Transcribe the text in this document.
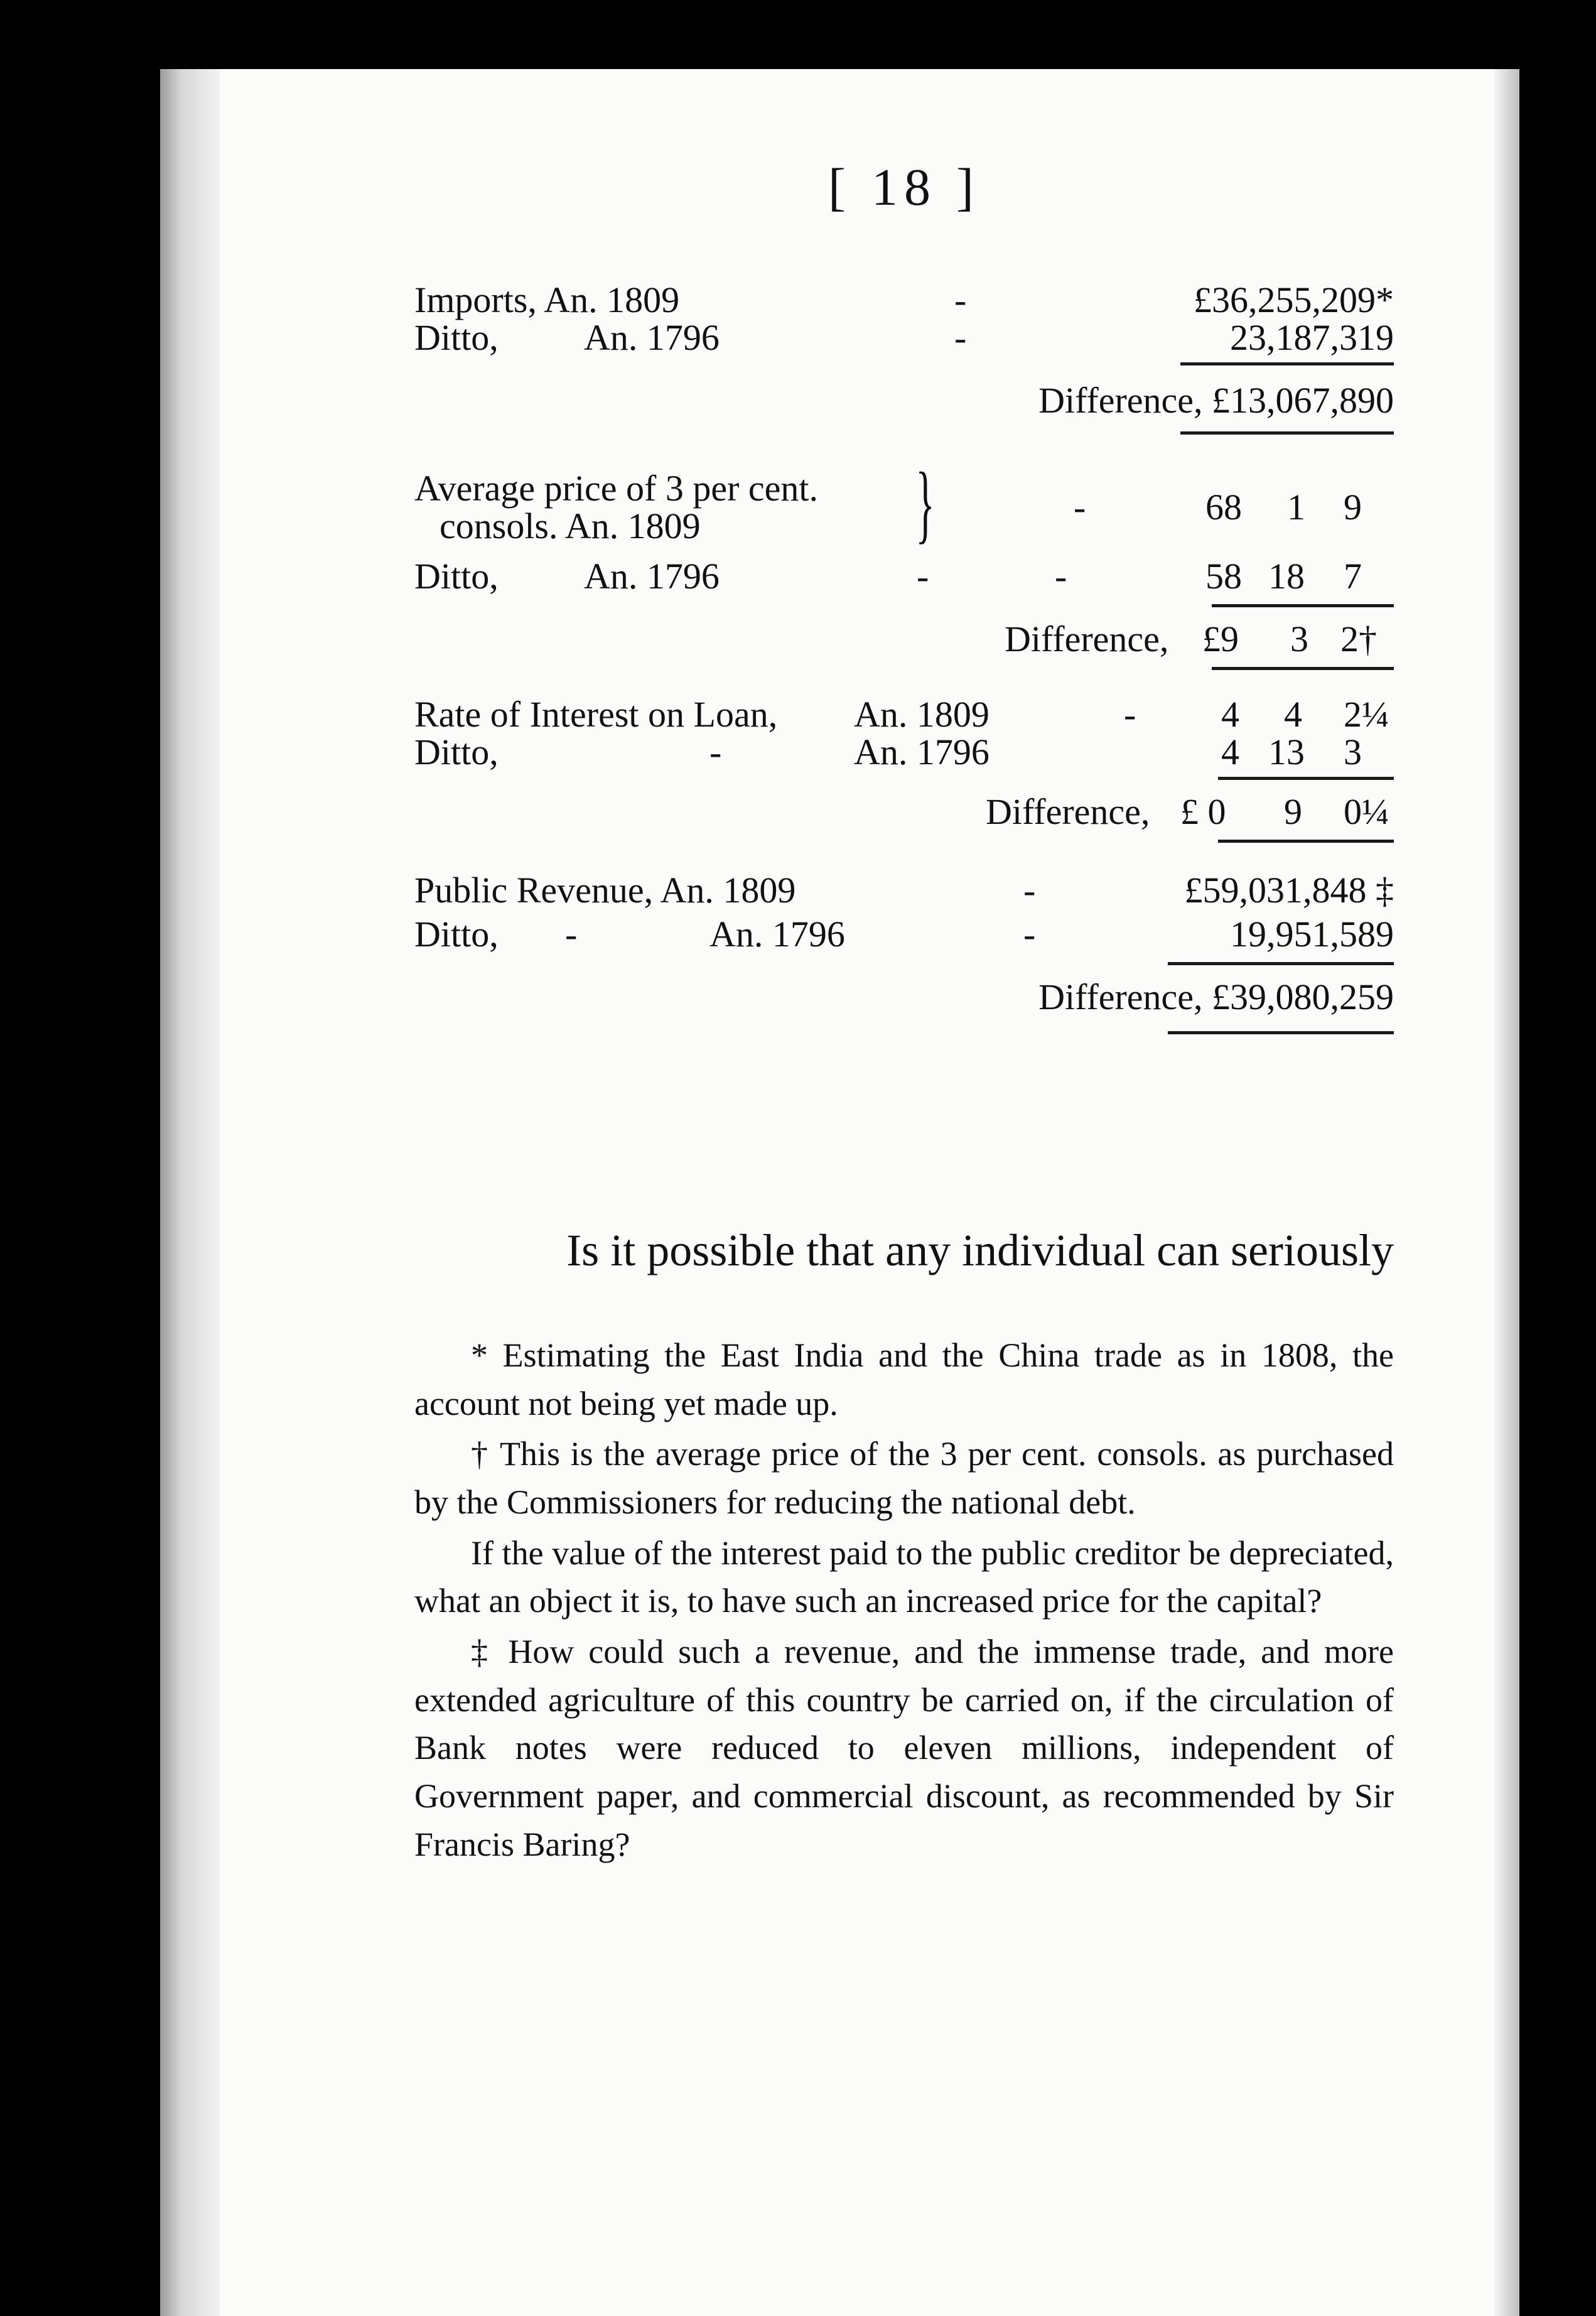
[ 18 ]
Imports, An. 1809	-	£36,255,209*
Ditto, An. 1796	-	23,187,319
Difference, £13,067,890
Average price of 3 per cent. }
consols. An. 1809	-	68 1 9
Ditto, An. 1796	-	-	58 18 7
Difference, £9 3 2†
Rate of Interest on Loan, An. 1809	- 4 4 2¼
Ditto,	-	An. 1796	4 13 3
Difference, £ 0 9 0¼
Public Revenue, An. 1809	-	£59,031,848 ‡
Ditto, -	An. 1796	-	19,951,589
Difference, £39,080,259
Is it possible that any individual can seriously

* Estimating the East India and the China trade as in 1808, the account not being yet made up.

† This is the average price of the 3 per cent. consols. as purchased by the Commissioners for reducing the national debt.

If the value of the interest paid to the public creditor be depreciated, what an object it is, to have such an increased price for the capital?

‡ How could such a revenue, and the immense trade, and more extended agriculture of this country be carried on, if the circulation of Bank notes were reduced to eleven millions, independent of Government paper, and commercial discount, as recommended by Sir Francis Baring?
